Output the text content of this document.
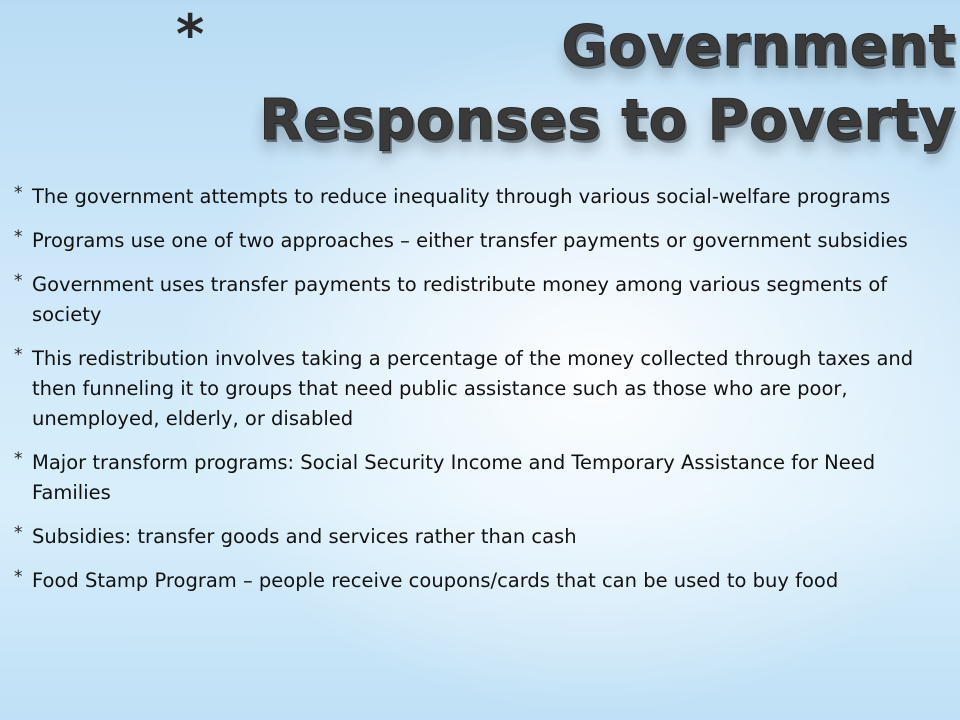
*	Government Responses to Poverty
* The government attempts to reduce inequality through various social-welfare programs
* Programs use one of two approaches – either transfer payments or government subsidies
* Government uses transfer payments to redistribute money among various segments of society
* This redistribution involves taking a percentage of the money collected through taxes and then funneling it to groups that need public assistance such as those who are poor, unemployed, elderly, or disabled
* Major transform programs: Social Security Income and Temporary Assistance for Need Families
* Subsidies: transfer goods and services rather than cash
* Food Stamp Program – people receive coupons/cards that can be used to buy food
